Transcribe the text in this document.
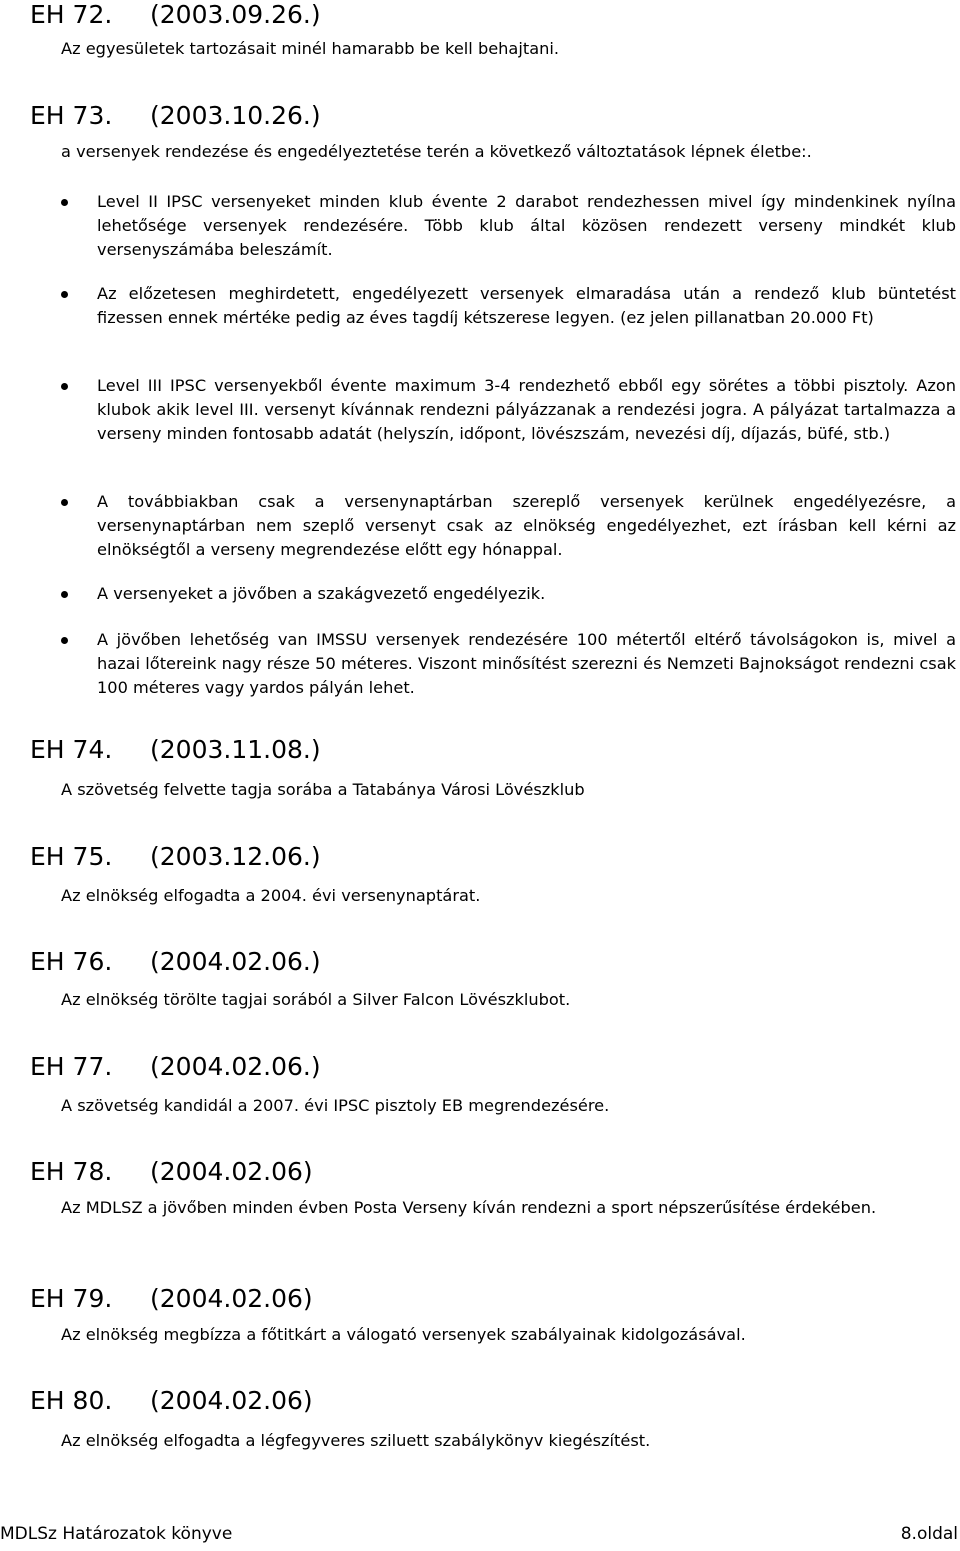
EH 72. (2003.09.26.)
Az egyesületek tartozásait minél hamarabb be kell behajtani.
EH 73. (2003.10.26.)
a versenyek rendezése és engedélyeztetése terén a következő változtatások lépnek életbe:.
Level II IPSC versenyeket minden klub évente 2 darabot rendezhessen mivel így mindenkinek nyílna lehetősége versenyek rendezésére. Több klub által közösen rendezett verseny mindkét klub versenyszámába beleszámít.
Az előzetesen meghirdetett, engedélyezett versenyek elmaradása után a rendező klub büntetést fizessen ennek mértéke pedig az éves tagdíj kétszerese legyen. (ez jelen pillanatban 20.000 Ft)
Level III IPSC versenyekből évente maximum 3-4 rendezhető ebből egy sörétes a többi pisztoly. Azon klubok akik level III. versenyt kívánnak rendezni pályázzanak a rendezési jogra. A pályázat tartalmazza a verseny minden fontosabb adatát (helyszín, időpont, lövészszám, nevezési díj, díjazás, büfé, stb.)
A továbbiakban csak a versenynaptárban szereplő versenyek kerülnek engedélyezésre, a versenynaptárban nem szeplő versenyt csak az elnökség engedélyezhet, ezt írásban kell kérni az elnökségtől a verseny megrendezése előtt egy hónappal.
A versenyeket a jövőben a szakágvezető engedélyezik.
A jövőben lehetőség van IMSSU versenyek rendezésére 100 métertől eltérő távolságokon is, mivel a hazai lőtereink nagy része 50 méteres. Viszont minősítést szerezni és Nemzeti Bajnokságot rendezni csak 100 méteres vagy yardos pályán lehet.
EH 74. (2003.11.08.)
A szövetség felvette tagja sorába a Tatabánya Városi Lövészklub
EH 75. (2003.12.06.)
Az elnökség elfogadta a 2004. évi versenynaptárat.
EH 76. (2004.02.06.)
Az elnökség törölte tagjai sorából a Silver Falcon Lövészklubot.
EH 77. (2004.02.06.)
A szövetség kandidál a 2007. évi IPSC pisztoly EB megrendezésére.
EH 78. (2004.02.06)
Az MDLSZ a jövőben minden évben Posta Verseny kíván rendezni a sport népszerűsítése érdekében.
EH 79. (2004.02.06)
Az elnökség megbízza a főtitkárt a válogató versenyek szabályainak kidolgozásával.
EH 80. (2004.02.06)
Az elnökség elfogadta a légfegyveres sziluett szabálykönyv kiegészítést.
MDLSz Határozatok könyve	8.oldal
